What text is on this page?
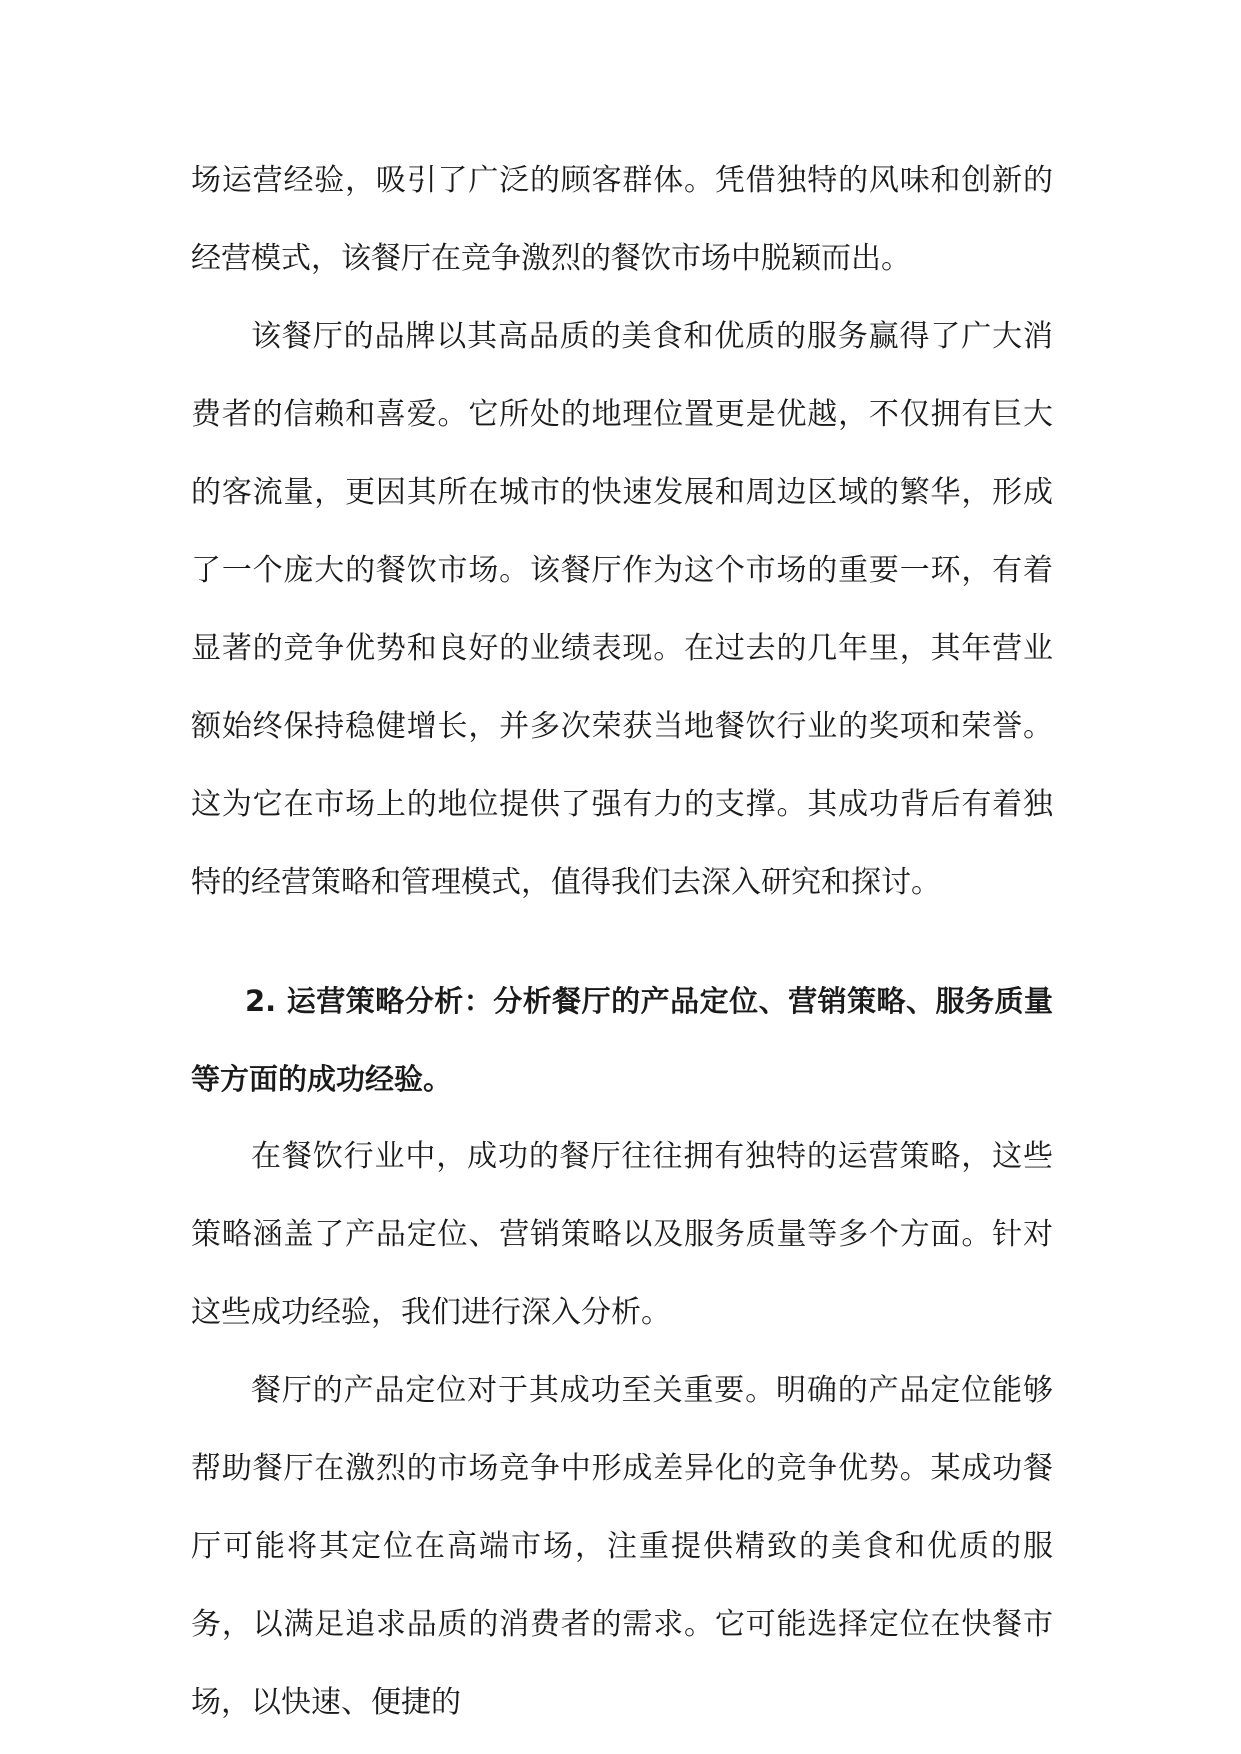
场运营经验，吸引了广泛的顾客群体。凭借独特的风味和创新的经营模式，该餐厅在竞争激烈的餐饮市场中脱颖而出。

该餐厅的品牌以其高品质的美食和优质的服务赢得了广大消费者的信赖和喜爱。它所处的地理位置更是优越，不仅拥有巨大的客流量，更因其所在城市的快速发展和周边区域的繁华，形成了一个庞大的餐饮市场。该餐厅作为这个市场的重要一环，有着显著的竞争优势和良好的业绩表现。在过去的几年里，其年营业额始终保持稳健增长，并多次荣获当地餐饮行业的奖项和荣誉。这为它在市场上的地位提供了强有力的支撑。其成功背后有着独特的经营策略和管理模式，值得我们去深入研究和探讨。

2. 运营策略分析：分析餐厅的产品定位、营销策略、服务质量等方面的成功经验。

在餐饮行业中，成功的餐厅往往拥有独特的运营策略，这些策略涵盖了产品定位、营销策略以及服务质量等多个方面。针对这些成功经验，我们进行深入分析。

餐厅的产品定位对于其成功至关重要。明确的产品定位能够帮助餐厅在激烈的市场竞争中形成差异化的竞争优势。某成功餐厅可能将其定位在高端市场，注重提供精致的美食和优质的服务，以满足追求品质的消费者的需求。它可能选择定位在快餐市场，以快速、便捷的
